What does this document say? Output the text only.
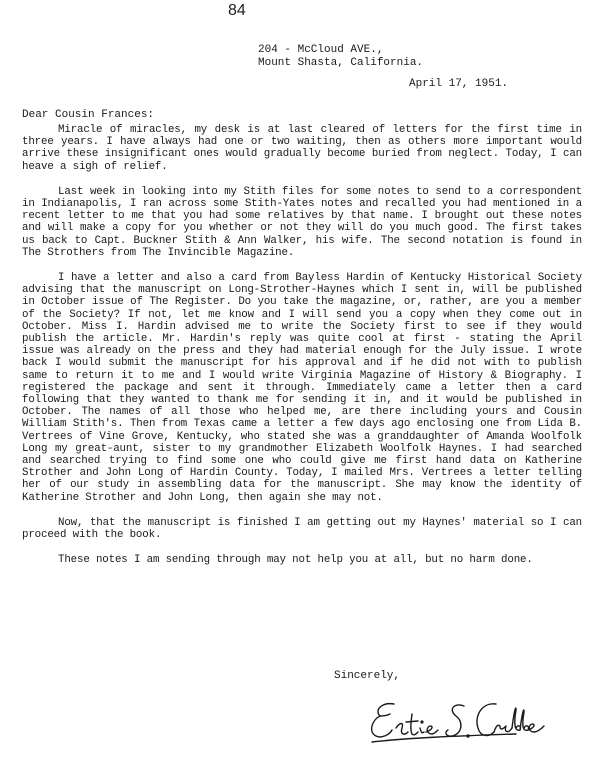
84
204 - McCloud AVE.,
Mount Shasta, California.
April 17, 1951.
Dear Cousin Frances:

Miracle of miracles, my desk is at last cleared of letters for the first time in three years. I have always had one or two waiting, then as others more important would arrive these insignificant ones would gradually become buried from neglect. Today, I can heave a sigh of relief.

Last week in looking into my Stith files for some notes to send to a correspondent in Indianapolis, I ran across some Stith-Yates notes and recalled you had mentioned in a recent letter to me that you had some relatives by that name. I brought out these notes and will make a copy for you whether or not they will do you much good. The first takes us back to Capt. Buckner Stith & Ann Walker, his wife. The second notation is found in The Strothers from The Invincible Magazine.

I have a letter and also a card from Bayless Hardin of Kentucky Historical Society advising that the manuscript on Long-Strother-Haynes which I sent in, will be published in October issue of The Register. Do you take the magazine, or, rather, are you a member of the Society? If not, let me know and I will send you a copy when they come out in October. Miss I. Hardin advised me to write the Society first to see if they would publish the article. Mr. Hardin's reply was quite cool at first - stating the April issue was already on the press and they had material enough for the July issue. I wrote back I would submit the manuscript for his approval and if he did not with to publish same to return it to me and I would write Virginia Magazine of History & Biography. I registered the package and sent it through. Immediately came a letter then a card following that they wanted to thank me for sending it in, and it would be published in October. The names of all those who helped me, are there including yours and Cousin William Stith's. Then from Texas came a letter a few days ago enclosing one from Lida B. Vertrees of Vine Grove, Kentucky, who stated she was a granddaughter of Amanda Woolfolk Long my great-aunt, sister to my grandmother Elizabeth Woolfolk Haynes. I had searched and searched trying to find some one who could give me first hand data on Katherine Strother and John Long of Hardin County. Today, I mailed Mrs. Vertrees a letter telling her of our study in assembling data for the manuscript. She may know the identity of Katherine Strother and John Long, then again she may not.

Now, that the manuscript is finished I am getting out my Haynes' material so I can proceed with the book.

These notes I am sending through may not help you at all, but no harm done.

Sincerely,
